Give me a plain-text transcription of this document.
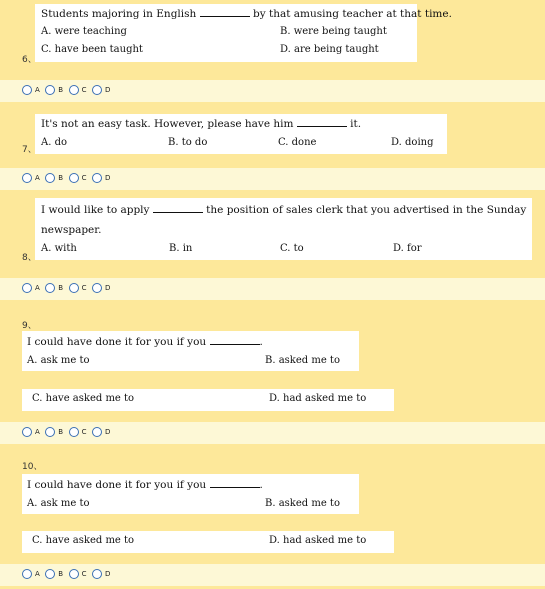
Students majoring in English	by that amusing teacher at that time.
A. were teaching	B. were being taught
C. have been taught	D. are being taught
6、
A	B	C	D
It's not an easy task. However, please have him	it.
A. do	B. to do	C. done	D. doing
7、
A	B	C	D
I would like to apply	the position of sales clerk that you advertised in the Sunday
newspaper.
A. with	B. in	C. to	D. for
8、
A	B	C	D
9、
I could have done it for you if you	.
A. ask me to	B. asked me to
C. have asked me to	D. had asked me to
A	B	C	D
10、
I could have done it for you if you	.
A. ask me to	B. asked me to
C. have asked me to	D. had asked me to
A	B	C	D
